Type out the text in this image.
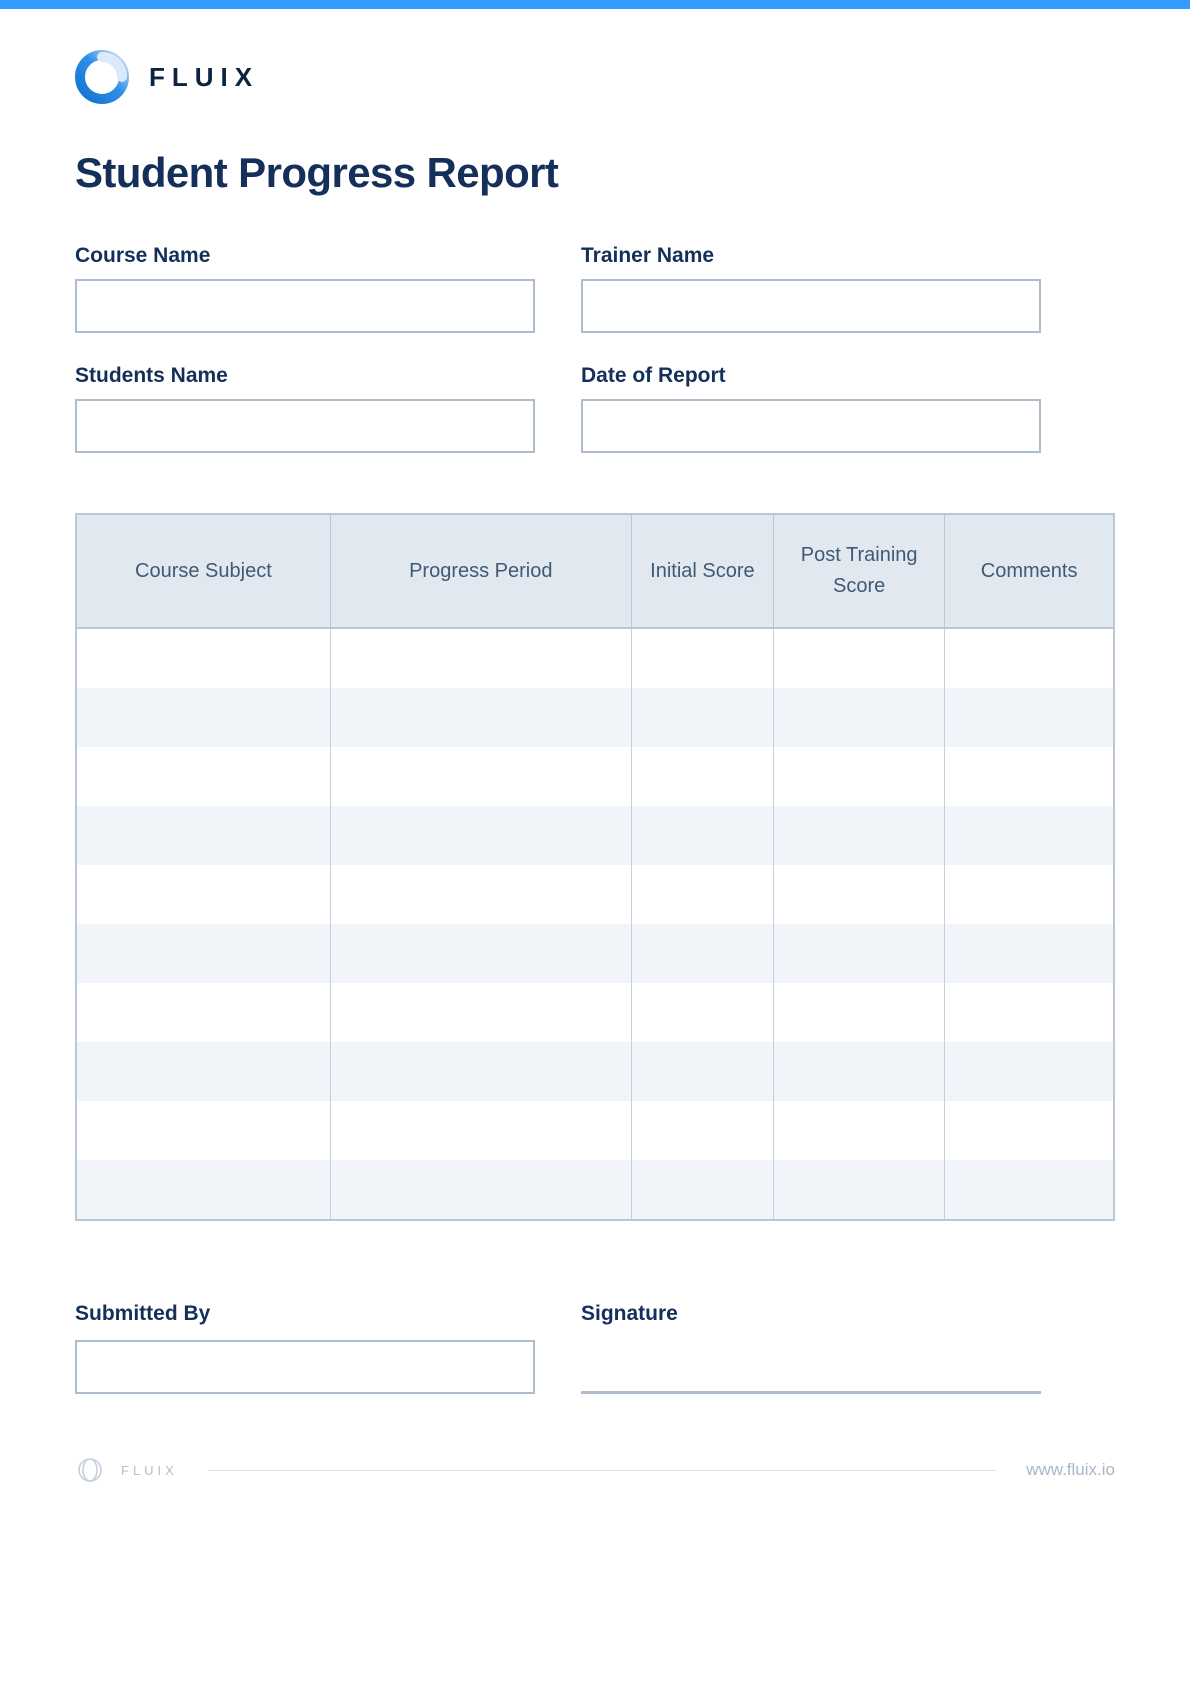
FLUIX
Student Progress Report
Course Name	Trainer Name
Students Name	Date of Report
Course Subject	Progress Period	Initial Score	Post Training Score	Comments

Submitted By	Signature
FLUIX	www.fluix.io
